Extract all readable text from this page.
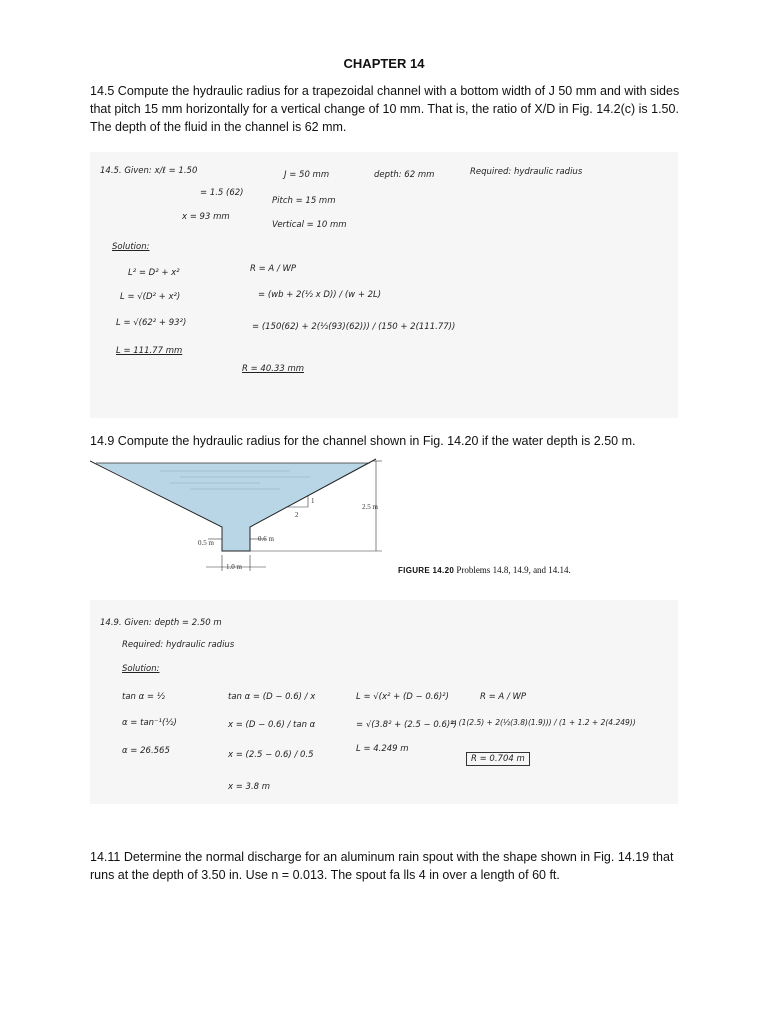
CHAPTER 14
14.5 Compute the hydraulic radius for a trapezoidal channel with a bottom width of J 50 mm and with sides that pitch 15 mm horizontally for a vertical change of 10 mm. That is, the ratio of X/D in Fig. 14.2(c) is 1.50. The depth of the fluid in the channel is 62 mm.
14.5. Given: x/ℓ = 1.50
= 1.5 (62)
x = 93 mm
J = 50 mm
Pitch = 15 mm
Vertical = 10 mm
depth: 62 mm	Required: hydraulic radius
Solution:
L² = D² + x²
L = √(D² + x²)
L = √(62² + 93²)
L = 111.77 mm
R = A / WP
= (wb + 2(½ x D)) / (w + 2L)
= (150(62) + 2(½(93)(62))) / (150 + 2(111.77))
R = 40.33 mm
14.9 Compute the hydraulic radius for the channel shown in Fig. 14.20 if the water depth is 2.50 m.
2.5 m
0.5 m	0.6 m
1.0 m
1
2
FIGURE 14.20 Problems 14.8, 14.9, and 14.14.
14.9. Given: depth = 2.50 m
Required: hydraulic radius
Solution:
tan α = ½
α = tan⁻¹(½)
α = 26.565
tan α = (D − 0.6) / x
x = (D − 0.6) / tan α
x = (2.5 − 0.6) / 0.5
x = 3.8 m
L = √(x² + (D − 0.6)²)
= √(3.8² + (2.5 − 0.6)²)
L = 4.249 m
R = A / WP
= (1(2.5) + 2(½(3.8)(1.9))) / (1 + 1.2 + 2(4.249))
R = 0.704 m
14.11 Determine the normal discharge for an aluminum rain spout with the shape shown in Fig. 14.19 that runs at the depth of 3.50 in. Use n = 0.013. The spout fa lls 4 in over a length of 60 ft.
